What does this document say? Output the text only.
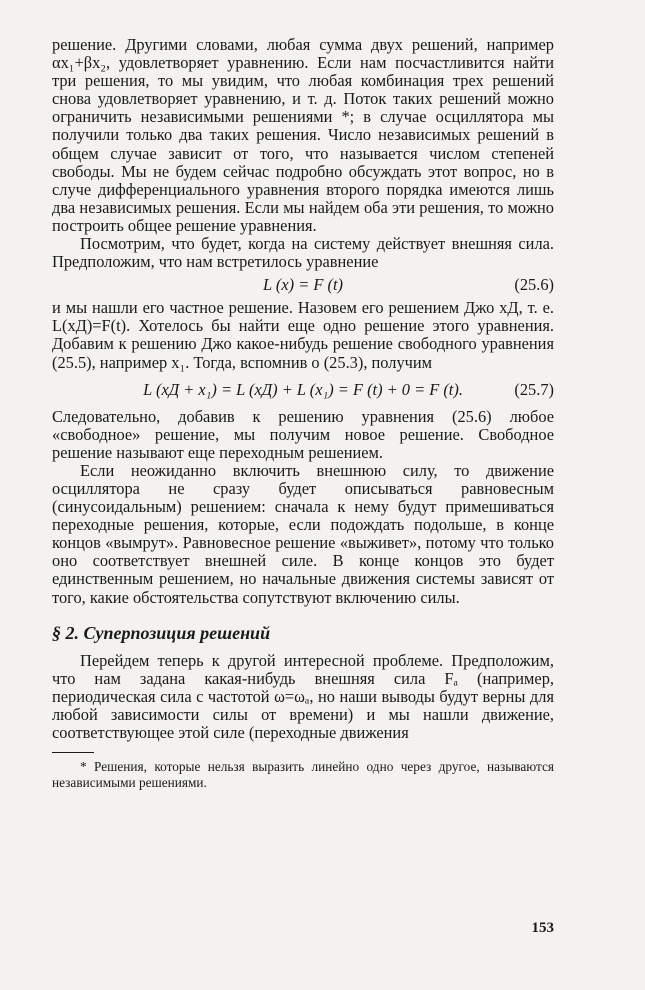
решение. Другими словами, любая сумма двух решений, например αx₁+βx₂, удовлетворяет уравнению. Если нам посчастливится найти три решения, то мы увидим, что любая комбинация трех решений снова удовлетворяет уравнению, и т. д. Поток таких решений можно ограничить независимыми решениями *; в случае осциллятора мы получили только два таких решения. Число независимых решений в общем случае зависит от того, что называется числом степеней свободы. Мы не будем сейчас подробно обсуждать этот вопрос, но в случе дифференциального уравнения второго порядка имеются лишь два независимых решения. Если мы найдем оба эти решения, то можно построить общее решение уравнения.

Посмотрим, что будет, когда на систему действует внешняя сила. Предположим, что нам встретилось уравнение

L (x) = F (t)	(25.6)

и мы нашли его частное решение. Назовем его решением Джо xД, т. е. L(xД)=F(t). Хотелось бы найти еще одно решение этого уравнения. Добавим к решению Джо какое-нибудь решение свободного уравнения (25.5), например x₁. Тогда, вспомнив о (25.3), получим

L (xД + x₁) = L (xД) + L (x₁) = F (t) + 0 = F (t).	(25.7)

Следовательно, добавив к решению уравнения (25.6) любое «свободное» решение, мы получим новое решение. Свободное решение называют еще переходным решением.

Если неожиданно включить внешнюю силу, то движение осциллятора не сразу будет описываться равновесным (синусоидальным) решением: сначала к нему будут примешиваться переходные решения, которые, если подождать подольше, в конце концов «вымрут». Равновесное решение «выживет», потому что только оно соответствует внешней силе. В конце концов это будет единственным решением, но начальные движения системы зависят от того, какие обстоятельства сопутствуют включению силы.

§ 2. Суперпозиция решений

Перейдем теперь к другой интересной проблеме. Предположим, что нам задана какая-нибудь внешняя сила Fₐ (например, периодическая сила с частотой ω=ωₐ, но наши выводы будут верны для любой зависимости силы от времени) и мы нашли движение, соответствующее этой силе (переходные движения

* Решения, которые нельзя выразить линейно одно через другое, называются независимыми решениями.

153
